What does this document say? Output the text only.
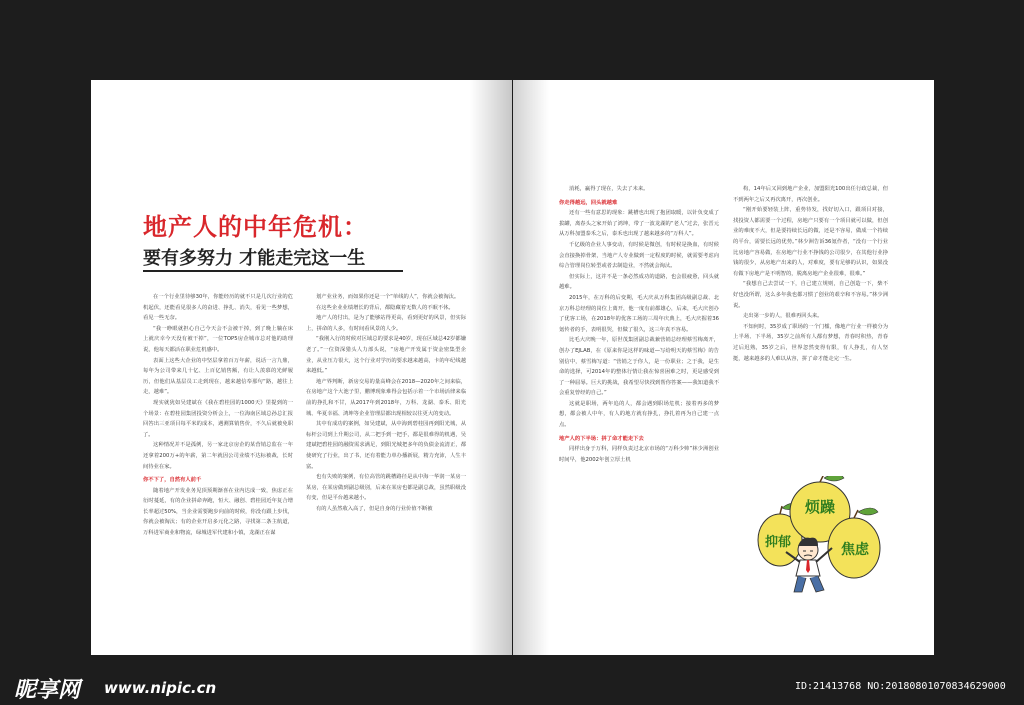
地产人的中年危机：
要有多努力 才能走完这一生

在一个行业里待够30年，你能经历的就不只是几次行业的危机起伏，还能看见很多人的奋进、挣扎、消失，看见一些梦想，看见一些无奈。

“我一睁眼就担心自己今天会不会被干掉，到了晚上躺在床上就庆幸今天没有被干掉”，一位TOP5房企城市总对他的助理说，他每天都活在职业危机感中。

表面上这些大企业的中坚层拿着百万年薪，说话一言九鼎，每年为公司带来几十亿、上百亿销售额，有让人羡慕的光鲜履历，但他们从基层员工走到现在，越来越信奉那句“路，越往上走，越难”。

现实就犹如吴建斌在《我在碧桂园的1000天》里提到的一个场景：在碧桂园集团投资分析会上，一位海南区域总孙总汇报回答出三亚项目每平米的成本，遇测算销售价，不久后就被免职了。

这种情况并不是孤例，另一家北京房企的某营销总监在一年还拿着200万+的年薪，第二年就因公司业绩不达标被裁，长时间待业在家。

你不下了，自然有人前千

随着地产开发业务见顶预期渐喜在业内达成一致，焦虑正在衍时蔓延，有的企业拼命奔跑，恒大、融创、碧桂园近年复合增长率超过50%，当企业需要跑步向前的时候，你没有跟上步伐，你就会被淘汰；有的企业开启多元化之路，寻找第二条主航道，万科进军商业和物流，绿城进军代建和小镇，龙湖正在谋

划产业业务，而如果你还是一个“单线的人”，你就会被淘汰。

在这些企业业绩增长的背后，都隐藏着无数人的不眠不休。

地产人的付出，是为了能够站得更高，看到更好的风景，但实际上，拼命的人多，有时间看风景的人少。

“我刚入行的时候对区域总的要求是40岁，现在区域总42岁都嫌老了。”一位资深猎头人力部头说，“房地产开发属于资金密集型企业，从业压力很大，这个行业对学历的要求越来越高，卡的年纪线越来越低。”

地产界判断，新房交易的量高峰会在2018—2020年之间来临，在房地产这个大池子里，鹏博现象难得会包括示着一个市场活律来临前的挣扎和不甘，从2017年到2018年，万科、龙湖、泰禾、阳光城、华夏幸福、鸿坤等企业管理层都出现相较以往更大的变动。

其中有成功的案例，如吴建斌，从中海到碧桂园再到阳光城，从标杆公司到上升期公司，从二把手到一把手，都是很难得的机遇，吴建斌把碧桂园的融资需求满足，到阳光城把多年的负债金流清正，都使研究了行业，出了书，还有着能力单办播新展，精力充沛，人生丰富。

也有失败的案例，有位高管的跳槽路径是从中海一华润一某房一某房，在某房做到副总级别，后来在某房也都是副总裁，虽然职级没有变，但是平台越来越小。

有的人虽然收入高了，但是自身的行业价值不断被

消耗，赢得了现在，失去了未来。

你走得越远，回头就越难

还有一些有意思的现象：跳槽也出现了抱团取暖，以针负变成了拔罐，离春头之家开始了鸿坤，带了一波龙湖的“老人”过去，张晋元从万科加盟泰禾之后，泰禾也出现了越来越多的“万科人”。

千亿级的企业人事变动，有时候是微创，有时候是换血，有时候会直接换掉骨架，当地产人专业做到一定程度的时候，就需要考虑向综合管理岗位转型或者去制造业，不然就会淘汰。

但实际上，这并不是一条必然成功的道路，也会很疲惫，回头就越难。

2015年，在万科的后变期，毛大庆从万科集团高级副总裁、北京万科总经理的岗位上离开，他一度有前都雄心，后来，毛大庆创办了优客工场，在2018年的优客工场的三周年庆典上，毛大庆握着36氪传者的手，表明很哭，但做了很久，这三年真不容易。

比毛大庆晚一年，原世茂集团副总裁兼营销总经理蔡雪梅离开，创办了EJLAB，在《原来你是这样的味道—写给明天的蔡雪梅》的告别信中，蔡雪梅写道：“营销之于你人，是一份职业；之于我，是生命的选择，可2014年的整体行情让我在惊喜困难之时，更是感受到了一种屈辱。巨大的挑战，我希望尽快找到帮你答案——我知道我不会重复曾经的自己。”

这就是职场，两年追的人，都会遇到职场危机；接着再多的梦想，都会被人中年，有人的地方就有挣扎，挣扎着再为自己建一点点。

地产人的下半场：拼了命才能走下去

同样出身于万科，同样负责过北京市场的“万科少帅”林少洲创业时间早，他2002年创立厚土机

构，14年后又回到地产企业，加盟阳光100出任行政总裁，但不到两年之后又再次离开，再次创业。

“刚开始要轻装上阵，重势待发，找好切入口，跟项目对接，找投资人都需要一个过程，房地产只要有一个项目就可以做，但创业的难度不大，但是要持续长远的做，还是不容易，做成一个持续的平台，需要长远的优势。”林少洲告诉36氪作者，“没有一个行业比房地产容易做，在房地产行业不挣钱的公司很少，在其他行业挣钱的很少，从房地产出来的人，对难度，要有足够的认识，如果没有做下房地产是不明智的，脱离房地产企业很难，很难。”

“我想自己去尝试一下，自己建立规则，自己创造一下，柴不好也没所谓，这么多年我也都习惯了创业的艰辛和不容易。”林少洲说。

走出第一步的人，很难再回头来。

不知何时，35岁成了职场的一个门槛，像地产行业一样被分为上半场、下半场，35岁之前所有人都有梦想，青春时积热，青春过后迟熟，35岁之后，世界忽然变得有限，有人挣扎，有人坚挺，越来越多的人难以从容，拼了命才能走完一生。

烦躁
抑郁	焦虑
昵享网 www.nipic.cn	ID:21413768 NO:20180801070834629000
